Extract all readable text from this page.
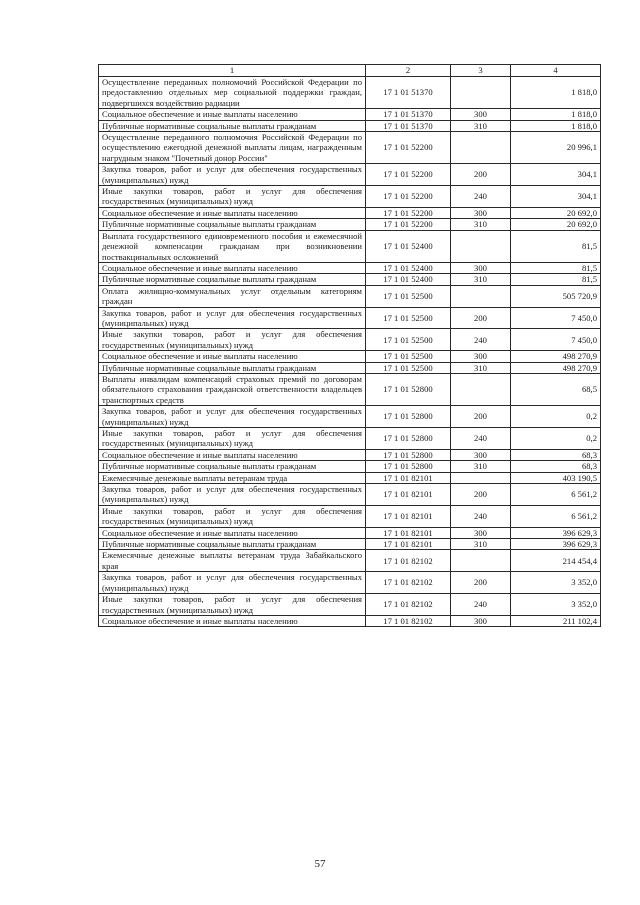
1	2	3	4
Осуществление переданных полномочий Российской Федерации по предоставлению отдельных мер социальной поддержки граждан, подвергшихся воздействию радиации	17 1 01 51370		1 818,0
Социальное обеспечение и иные выплаты населению	17 1 01 51370	300	1 818,0
Публичные нормативные социальные выплаты гражданам	17 1 01 51370	310	1 818,0
Осуществление переданного полномочия Российской Федерации по осуществлению ежегодной денежной выплаты лицам, награжденным нагрудным знаком "Почетный донор России"	17 1 01 52200		20 996,1
Закупка товаров, работ и услуг для обеспечения государственных (муниципальных) нужд	17 1 01 52200	200	304,1
Иные закупки товаров, работ и услуг для обеспечения государственных (муниципальных) нужд	17 1 01 52200	240	304,1
Социальное обеспечение и иные выплаты населению	17 1 01 52200	300	20 692,0
Публичные нормативные социальные выплаты гражданам	17 1 01 52200	310	20 692,0
Выплата государственного единовременного пособия и ежемесячной денежной компенсации гражданам при возникновении поствакцинальных осложнений	17 1 01 52400		81,5
Социальное обеспечение и иные выплаты населению	17 1 01 52400	300	81,5
Публичные нормативные социальные выплаты гражданам	17 1 01 52400	310	81,5
Оплата жилищно-коммунальных услуг отдельным категориям граждан	17 1 01 52500		505 720,9
Закупка товаров, работ и услуг для обеспечения государственных (муниципальных) нужд	17 1 01 52500	200	7 450,0
Иные закупки товаров, работ и услуг для обеспечения государственных (муниципальных) нужд	17 1 01 52500	240	7 450,0
Социальное обеспечение и иные выплаты населению	17 1 01 52500	300	498 270,9
Публичные нормативные социальные выплаты гражданам	17 1 01 52500	310	498 270,9
Выплаты инвалидам компенсаций страховых премий по договорам обязательного страхования гражданской ответственности владельцев транспортных средств	17 1 01 52800		68,5
Закупка товаров, работ и услуг для обеспечения государственных (муниципальных) нужд	17 1 01 52800	200	0,2
Иные закупки товаров, работ и услуг для обеспечения государственных (муниципальных) нужд	17 1 01 52800	240	0,2
Социальное обеспечение и иные выплаты населению	17 1 01 52800	300	68,3
Публичные нормативные социальные выплаты гражданам	17 1 01 52800	310	68,3
Ежемесячные денежные выплаты ветеранам труда	17 1 01 82101		403 190,5
Закупка товаров, работ и услуг для обеспечения государственных (муниципальных) нужд	17 1 01 82101	200	6 561,2
Иные закупки товаров, работ и услуг для обеспечения государственных (муниципальных) нужд	17 1 01 82101	240	6 561,2
Социальное обеспечение и иные выплаты населению	17 1 01 82101	300	396 629,3
Публичные нормативные социальные выплаты гражданам	17 1 01 82101	310	396 629,3
Ежемесячные денежные выплаты ветеранам труда Забайкальского края	17 1 01 82102		214 454,4
Закупка товаров, работ и услуг для обеспечения государственных (муниципальных) нужд	17 1 01 82102	200	3 352,0
Иные закупки товаров, работ и услуг для обеспечения государственных (муниципальных) нужд	17 1 01 82102	240	3 352,0
Социальное обеспечение и иные выплаты населению	17 1 01 82102	300	211 102,4
57
